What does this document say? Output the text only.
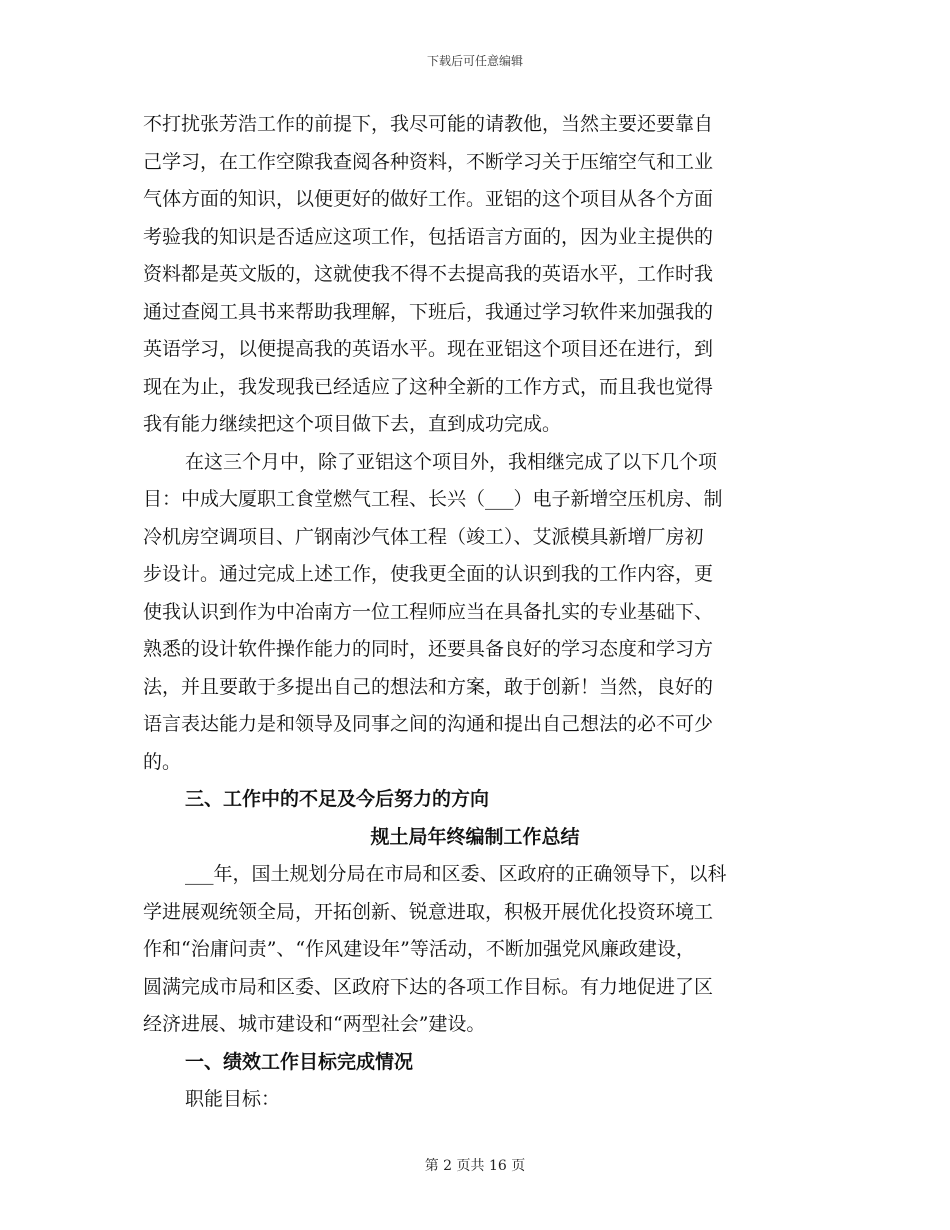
下载后可任意编辑
不打扰张芳浩工作的前提下，我尽可能的请教他，当然主要还要靠自
己学习，在工作空隙我查阅各种资料，不断学习关于压缩空气和工业
气体方面的知识，以便更好的做好工作。亚铝的这个项目从各个方面
考验我的知识是否适应这项工作，包括语言方面的，因为业主提供的
资料都是英文版的，这就使我不得不去提高我的英语水平，工作时我
通过查阅工具书来帮助我理解，下班后，我通过学习软件来加强我的
英语学习，以便提高我的英语水平。现在亚铝这个项目还在进行，到
现在为止，我发现我已经适应了这种全新的工作方式，而且我也觉得
我有能力继续把这个项目做下去，直到成功完成。
在这三个月中，除了亚铝这个项目外，我相继完成了以下几个项
目：中成大厦职工食堂燃气工程、长兴（___）电子新增空压机房、制
冷机房空调项目、广钢南沙气体工程（竣工）、艾派模具新增厂房初
步设计。通过完成上述工作，使我更全面的认识到我的工作内容，更
使我认识到作为中冶南方一位工程师应当在具备扎实的专业基础下、
熟悉的设计软件操作能力的同时，还要具备良好的学习态度和学习方
法，并且要敢于多提出自己的想法和方案，敢于创新！当然，良好的
语言表达能力是和领导及同事之间的沟通和提出自己想法的必不可少
的。
三、工作中的不足及今后努力的方向
规土局年终编制工作总结
___年，国土规划分局在市局和区委、区政府的正确领导下，以科
学进展观统领全局，开拓创新、锐意进取，积极开展优化投资环境工
作和“治庸问责”、“作风建设年”等活动，不断加强党风廉政建设，
圆满完成市局和区委、区政府下达的各项工作目标。有力地促进了区
经济进展、城市建设和“两型社会”建设。
一、绩效工作目标完成情况
职能目标：
第 2 页共 16 页
